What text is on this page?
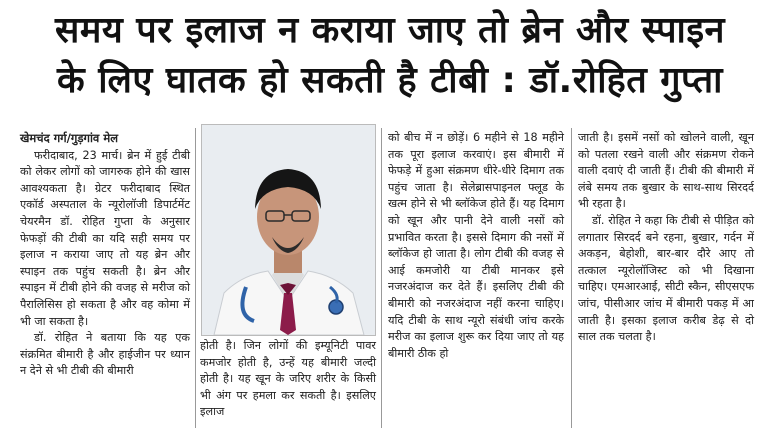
समय पर इलाज न कराया जाए तो ब्रेन और स्पाइन
के लिए घातक हो सकती है टीबी : डॉ.रोहित गुप्ता

खेमचंद गर्ग/गुड़गांव मेल

फरीदाबाद, 23 मार्च। ब्रेन में हुई टीबी को लेकर लोगों को जागरुक होने की खास आवश्यकता है। ग्रेटर फरीदाबाद स्थित एकॉर्ड अस्पताल के न्यूरोलॉजी डिपार्टमेंट चेयरमैन डॉ. रोहित गुप्ता के अनुसार फेफड़ों की टीबी का यदि सही समय पर इलाज न कराया जाए तो यह ब्रेन और स्पाइन तक पहुंच सकती है। ब्रेन और स्पाइन में टीबी होने की वजह से मरीज को पैरालिसिस हो सकता है और वह कोमा में भी जा सकता है।

डॉ. रोहित ने बताया कि यह एक संक्रमित बीमारी है और हाईजीन पर ध्यान न देने से भी टीबी की बीमारी

होती है। जिन लोगों की इम्यूनिटी पावर कमजोर होती है, उन्हें यह बीमारी जल्दी होती है। यह खून के जरिए शरीर के किसी भी अंग पर हमला कर सकती है। इसलिए इलाज

को बीच में न छोड़ें। 6 महीने से 18 महीने तक पूरा इलाज करवाएं। इस बीमारी में फेफड़े में हुआ संक्रमण धीरे-धीरे दिमाग तक पहुंच जाता है। सेलेब्रासपाइनल फ्लूड के खत्म होने से भी ब्लॉकेज होते हैं। यह दिमाग को खून और पानी देने वाली नसों को प्रभावित करता है। इससे दिमाग की नसों में ब्लॉकेज हो जाता है। लोग टीबी की वजह से आई कमजोरी या टीबी मानकर इसे नजरअंदाज कर देते हैं। इसलिए टीबी की बीमारी को नजरअंदाज नहीं करना चाहिए। यदि टीबी के साथ न्यूरो संबंधी जांच करके मरीज का इलाज शुरू कर दिया जाए तो यह बीमारी ठीक हो

जाती है। इसमें नसों को खोलने वाली, खून को पतला रखने वाली और संक्रमण रोकने वाली दवाएं दी जाती हैं। टीबी की बीमारी में लंबे समय तक बुखार के साथ-साथ सिरदर्द भी रहता है।

डॉ. रोहित ने कहा कि टीबी से पीड़ित को लगातार सिरदर्द बने रहना, बुखार, गर्दन में अकड़न, बेहोशी, बार-बार दौरे आए तो तत्काल न्यूरोलॉजिस्ट को भी दिखाना चाहिए। एमआरआई, सीटी स्कैन, सीएसएफ जांच, पीसीआर जांच में बीमारी पकड़ में आ जाती है। इसका इलाज करीब डेढ़ से दो साल तक चलता है।
